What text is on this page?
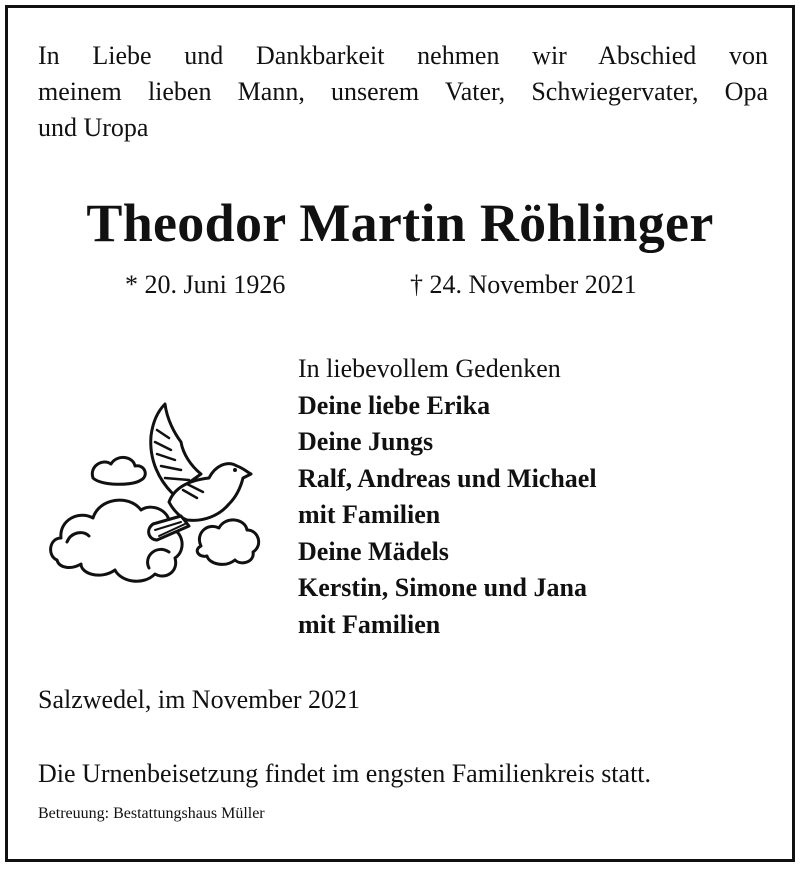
In Liebe und Dankbarkeit nehmen wir Abschied von
meinem lieben Mann, unserem Vater, Schwiegervater, Opa
und Uropa
Theodor Martin Röhlinger
* 20. Juni 1926	† 24. November 2021
In liebevollem Gedenken
Deine liebe Erika
Deine Jungs
Ralf, Andreas und Michael
mit Familien
Deine Mädels
Kerstin, Simone und Jana
mit Familien
Salzwedel, im November 2021
Die Urnenbeisetzung findet im engsten Familienkreis statt.
Betreuung: Bestattungshaus Müller
